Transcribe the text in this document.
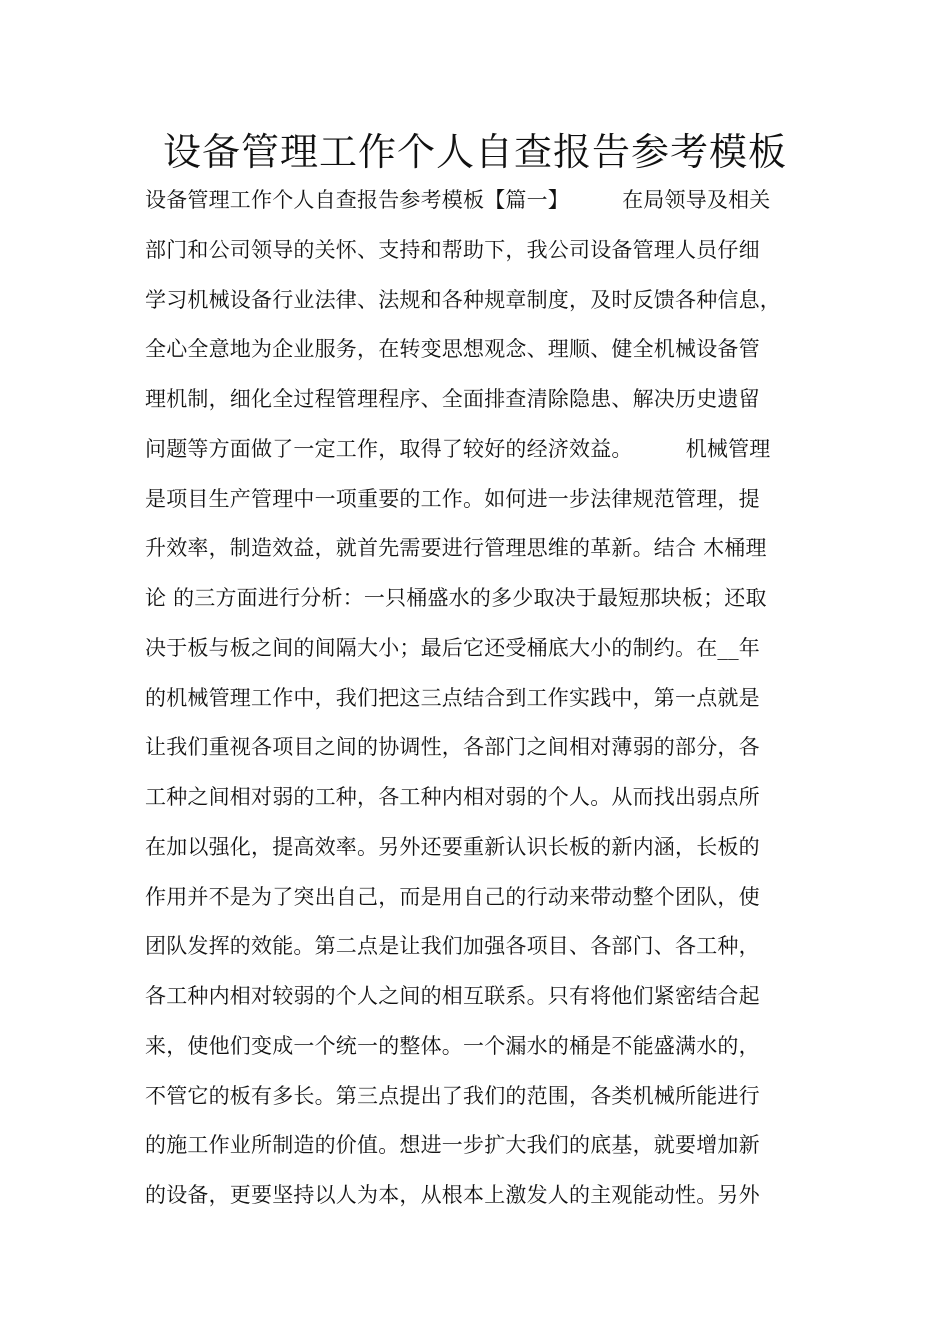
设备管理工作个人自查报告参考模板
设备管理工作个人自查报告参考模板【篇一】　　　在局领导及相关
部门和公司领导的关怀、支持和帮助下，我公司设备管理人员仔细
学习机械设备行业法律、法规和各种规章制度，及时反馈各种信息，
全心全意地为企业服务，在转变思想观念、理顺、健全机械设备管
理机制，细化全过程管理程序、全面排查清除隐患、解决历史遗留
问题等方面做了一定工作，取得了较好的经济效益。　　　机械管理
是项目生产管理中一项重要的工作。如何进一步法律规范管理，提
升效率，制造效益，就首先需要进行管理思维的革新。结合 木桶理
论 的三方面进行分析：一只桶盛水的多少取决于最短那块板；还取
决于板与板之间的间隔大小；最后它还受桶底大小的制约。在__年
的机械管理工作中，我们把这三点结合到工作实践中，第一点就是
让我们重视各项目之间的协调性，各部门之间相对薄弱的部分，各
工种之间相对弱的工种，各工种内相对弱的个人。从而找出弱点所
在加以强化，提高效率。另外还要重新认识长板的新内涵，长板的
作用并不是为了突出自己，而是用自己的行动来带动整个团队，使
团队发挥的效能。第二点是让我们加强各项目、各部门、各工种，
各工种内相对较弱的个人之间的相互联系。只有将他们紧密结合起
来，使他们变成一个统一的整体。一个漏水的桶是不能盛满水的，
不管它的板有多长。第三点提出了我们的范围，各类机械所能进行
的施工作业所制造的价值。想进一步扩大我们的底基，就要增加新
的设备，更要坚持以人为本，从根本上激发人的主观能动性。另外
